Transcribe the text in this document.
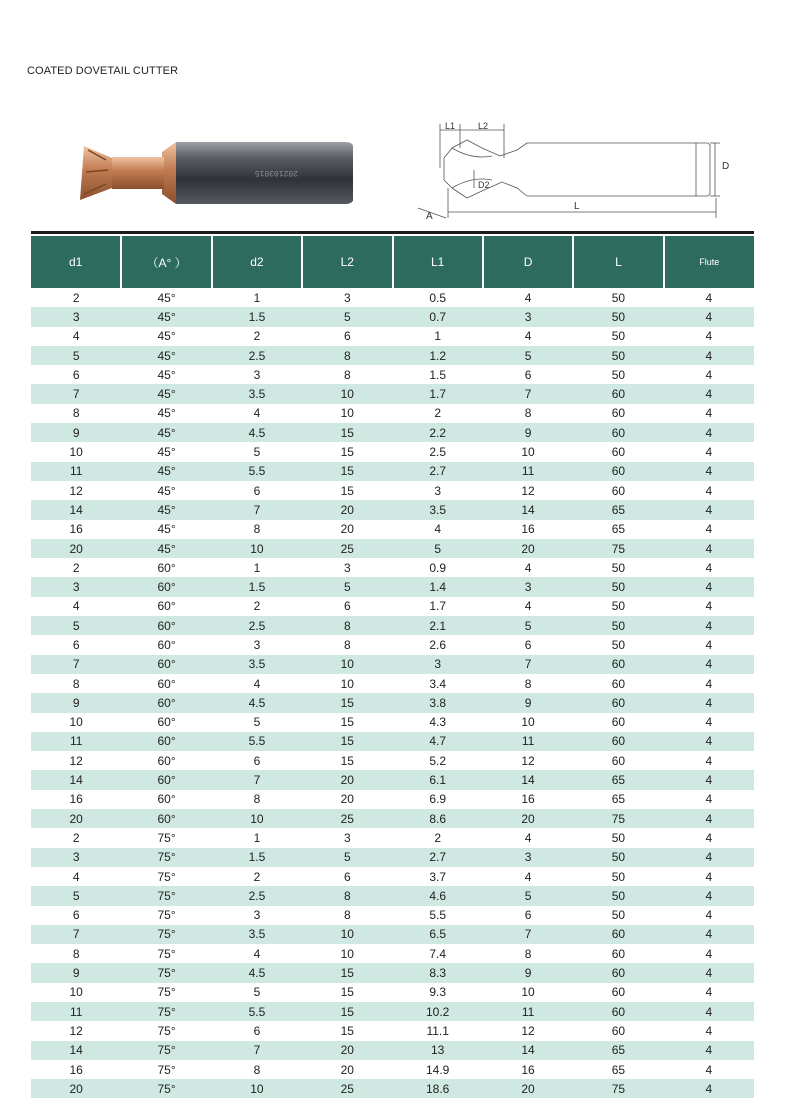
COATED DOVETAIL CUTTER
202103015
L1	L2
D
D2
L
A
d1	（A° ）	d2	L2	L1	D	L	Flute
2	45°	1	3	0.5	4	50	4
3	45°	1.5	5	0.7	3	50	4
4	45°	2	6	1	4	50	4
5	45°	2.5	8	1.2	5	50	4
6	45°	3	8	1.5	6	50	4
7	45°	3.5	10	1.7	7	60	4
8	45°	4	10	2	8	60	4
9	45°	4.5	15	2.2	9	60	4
10	45°	5	15	2.5	10	60	4
11	45°	5.5	15	2.7	11	60	4
12	45°	6	15	3	12	60	4
14	45°	7	20	3.5	14	65	4
16	45°	8	20	4	16	65	4
20	45°	10	25	5	20	75	4
2	60°	1	3	0.9	4	50	4
3	60°	1.5	5	1.4	3	50	4
4	60°	2	6	1.7	4	50	4
5	60°	2.5	8	2.1	5	50	4
6	60°	3	8	2.6	6	50	4
7	60°	3.5	10	3	7	60	4
8	60°	4	10	3.4	8	60	4
9	60°	4.5	15	3.8	9	60	4
10	60°	5	15	4.3	10	60	4
11	60°	5.5	15	4.7	11	60	4
12	60°	6	15	5.2	12	60	4
14	60°	7	20	6.1	14	65	4
16	60°	8	20	6.9	16	65	4
20	60°	10	25	8.6	20	75	4
2	75°	1	3	2	4	50	4
3	75°	1.5	5	2.7	3	50	4
4	75°	2	6	3.7	4	50	4
5	75°	2.5	8	4.6	5	50	4
6	75°	3	8	5.5	6	50	4
7	75°	3.5	10	6.5	7	60	4
8	75°	4	10	7.4	8	60	4
9	75°	4.5	15	8.3	9	60	4
10	75°	5	15	9.3	10	60	4
11	75°	5.5	15	10.2	11	60	4
12	75°	6	15	11.1	12	60	4
14	75°	7	20	13	14	65	4
16	75°	8	20	14.9	16	65	4
20	75°	10	25	18.6	20	75	4
